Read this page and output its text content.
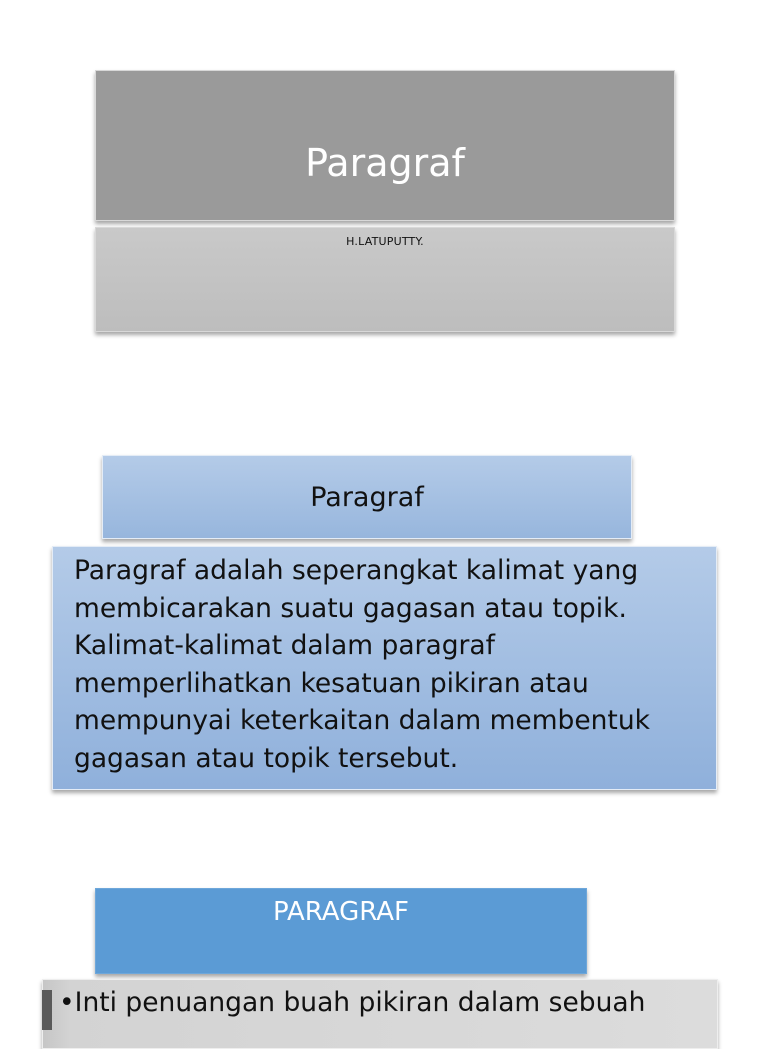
Paragraf
H.LATUPUTTY.
Paragraf
Paragraf adalah seperangkat kalimat yang
membicarakan suatu gagasan atau topik.
Kalimat-kalimat dalam paragraf
memperlihatkan kesatuan pikiran atau
mempunyai keterkaitan dalam membentuk
gagasan atau topik tersebut.
PARAGRAF
•Inti penuangan buah pikiran dalam sebuah
